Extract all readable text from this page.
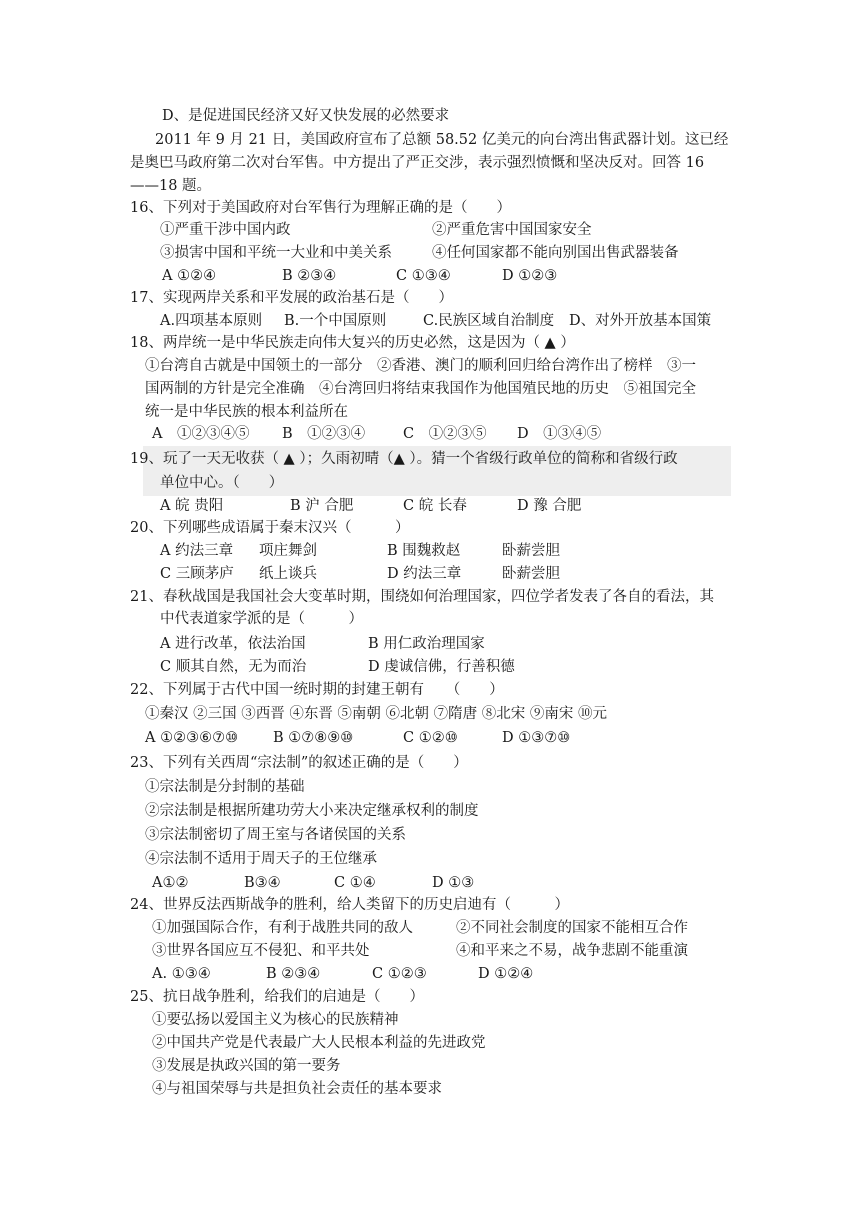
D、是促进国民经济又好又快发展的必然要求
2011 年 9 月 21 日，美国政府宣布了总额 58.52 亿美元的向台湾出售武器计划。这已经
是奥巴马政府第二次对台军售。中方提出了严正交涉，表示强烈愤慨和坚决反对。回答 16
——18 题。
16、下列对于美国政府对台军售行为理解正确的是（　　）
①严重干涉中国内政	②严重危害中国国家安全
③损害中国和平统一大业和中美关系	④任何国家都不能向别国出售武器装备
A ①②④	B ②③④	C ①③④	D ①②③
17、实现两岸关系和平发展的政治基石是（　　）
A.四项基本原则 B.一个中国原则	C.民族区域自治制度 D、对外开放基本国策
18、两岸统一是中华民族走向伟大复兴的历史必然，这是因为（ ▲ ）
①台湾自古就是中国领土的一部分　②香港、澳门的顺利回归给台湾作出了榜样　③一
国两制的方针是完全准确　④台湾回归将结束我国作为他国殖民地的历史　⑤祖国完全
统一是中华民族的根本利益所在
A　①②③④⑤ B　①②③④	C　①②③⑤ D　①③④⑤
19、玩了一天无收获（ ▲ ）；久雨初晴（▲ ）。猜一个省级行政单位的简称和省级行政
单位中心。（　　）
A 皖 贵阳	B 沪 合肥	C 皖 长春	D 豫 合肥
20、下列哪些成语属于秦末汉兴（　　　）
A 约法三章 项庄舞剑	B 围魏救赵	卧薪尝胆
C 三顾茅庐 纸上谈兵	D 约法三章	卧薪尝胆
21、春秋战国是我国社会大变革时期，围绕如何治理国家，四位学者发表了各自的看法，其
中代表道家学派的是（　　　）
A 进行改革，依法治国	B 用仁政治理国家
C 顺其自然，无为而治	D 虔诚信佛，行善积德
22、下列属于古代中国一统时期的封建王朝有　　（　　）
①秦汉 ②三国 ③西晋 ④东晋 ⑤南朝 ⑥北朝 ⑦隋唐 ⑧北宋 ⑨南宋 ⑩元
A ①②③⑥⑦⑩ B ①⑦⑧⑨⑩	C ①②⑩	D ①③⑦⑩
23、下列有关西周“宗法制”的叙述正确的是（　　）
①宗法制是分封制的基础
②宗法制是根据所建功劳大小来决定继承权利的制度
③宗法制密切了周王室与各诸侯国的关系
④宗法制不适用于周天子的王位继承
A①②	B③④	C ①④	D ①③
24、世界反法西斯战争的胜利，给人类留下的历史启迪有（　　　）
①加强国际合作，有利于战胜共同的敌人	②不同社会制度的国家不能相互合作
③世界各国应互不侵犯、和平共处	④和平来之不易，战争悲剧不能重演
A. ①③④	B ②③④	C ①②③	D ①②④
25、抗日战争胜利，给我们的启迪是（　　）
①要弘扬以爱国主义为核心的民族精神
②中国共产党是代表最广大人民根本利益的先进政党
③发展是执政兴国的第一要务
④与祖国荣辱与共是担负社会责任的基本要求
